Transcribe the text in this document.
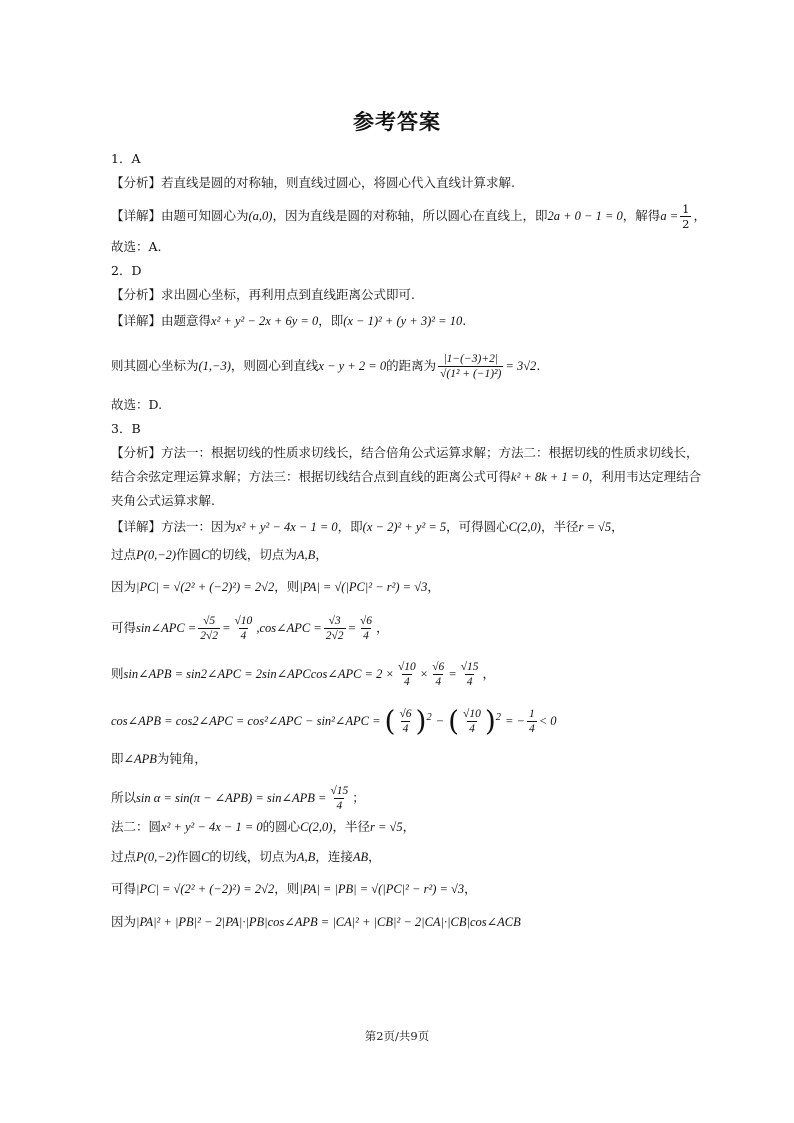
参考答案
1．A
【分析】若直线是圆的对称轴，则直线过圆心，将圆心代入直线计算求解.
【详解】由题可知圆心为(a,0)，因为直线是圆的对称轴，所以圆心在直线上，即2a + 0 − 1 = 0，解得$a = \frac{1}{2}$ ，
故选：A.
2．D
【分析】求出圆心坐标，再利用点到直线距离公式即可.
【详解】由题意得x² + y² − 2x + 6y = 0，即(x − 1)² + (y + 3)² = 10.
则其圆心坐标为(1,−3)，则圆心到直线x − y + 2 = 0的距离为 $\frac{|1-(-3)+2|}{\text{√(1² + (−1)²)}} = 3√2$.
故选：D.
3．B
【分析】方法一：根据切线的性质求切线长，结合倍角公式运算求解；方法二：根据切线的性质求切线长，
结合余弦定理运算求解；方法三：根据切线结合点到直线的距离公式可得k² + 8k + 1 = 0，利用韦达定理结合
夹角公式运算求解.
【详解】方法一：因为x² + y² − 4x − 1 = 0，即(x − 2)² + y² = 5，可得圆心C(2,0)，半径r = √5，
过点P(0,−2)作圆C的切线，切点为A,B，
因为|PC| = √(2² + (−2)²) = 2√2，则|PA| = √(|PC|² − r²) = √3，
可得sin∠APC = $\frac{√5}{2√2} = \frac{√10}{4}$ ,cos∠APC = $\frac{√3}{2√2} = \frac{√6}{4}$ ，
则sin∠APB = sin2∠APC = 2sin∠APCcos∠APC = $2 \times \frac{√10}{4} \times \frac{√6}{4} = \frac{√15}{4}$ ，
cos∠APB = cos2∠APC = cos²∠APC − sin²∠APC = ( $\frac{√6}{4} )^2$ − ( $\frac{√10}{4} )^2$ = − $\frac{1}{4} < 0$
即∠APB为钝角，
所以sin α = sin(π − ∠APB) = sin∠APB = $\frac{√15}{4}$ ；
法二：圆x² + y² − 4x − 1 = 0的圆心C(2,0)，半径r = √5，
过点P(0,−2)作圆C的切线，切点为A,B，连接AB，
可得|PC| = √(2² + (−2)²) = 2√2，则|PA| = |PB| = √(|PC|² − r²) = √3，
因为|PA|² + |PB|² − 2|PA|·|PB|cos∠APB = |CA|² + |CB|² − 2|CA|·|CB|cos∠ACB
第2页/共9页
